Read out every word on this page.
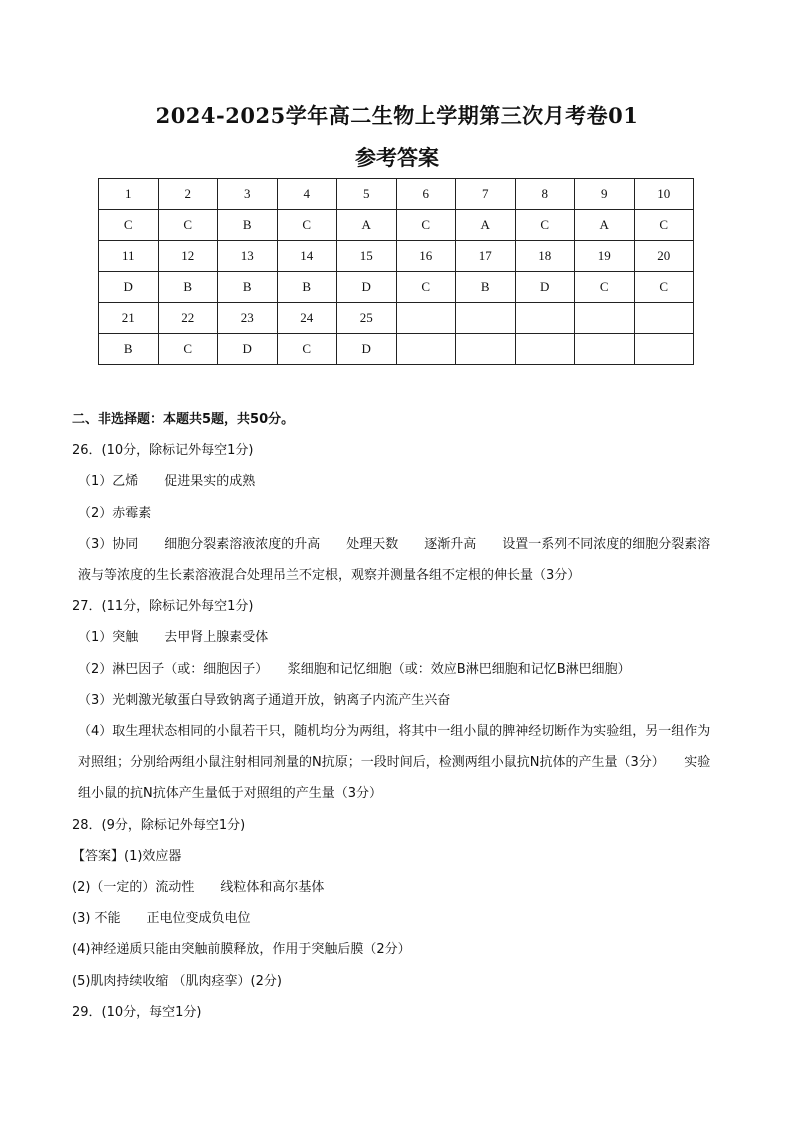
2024-2025学年高二生物上学期第三次月考卷01
参考答案
1	2	3	4	5	6	7	8	9	10
C	C	B	C	A	C	A	C	A	C
11	12	13	14	15	16	17	18	19	20
D	B	B	B	D	C	B	D	C	C
21	22	23	24	25					
B	C	D	C	D					
二、非选择题：本题共5题，共50分。
26．(10分，除标记外每空1分)
（1）乙烯　　促进果实的成熟
（2）赤霉素
（3）协同　　细胞分裂素溶液浓度的升高　　处理天数　　逐渐升高　　设置一系列不同浓度的细胞分裂素溶液与等浓度的生长素溶液混合处理吊兰不定根，观察并测量各组不定根的伸长量（3分）
27．(11分，除标记外每空1分)
（1）突触　　去甲肾上腺素受体
（2）淋巴因子（或：细胞因子）　　浆细胞和记忆细胞（或：效应B淋巴细胞和记忆B淋巴细胞）
（3）光刺激光敏蛋白导致钠离子通道开放，钠离子内流产生兴奋
（4）取生理状态相同的小鼠若干只，随机均分为两组，将其中一组小鼠的脾神经切断作为实验组，另一组作为对照组；分别给两组小鼠注射相同剂量的N抗原；一段时间后，检测两组小鼠抗N抗体的产生量（3分）　　实验组小鼠的抗N抗体产生量低于对照组的产生量（3分）
28．(9分，除标记外每空1分)
【答案】(1)效应器
(2)（一定的）流动性　　线粒体和高尔基体
(3) 不能　　正电位变成负电位
(4)神经递质只能由突触前膜释放，作用于突触后膜（2分）
(5)肌肉持续收缩 （肌肉痉挛）(2分)
29．(10分，每空1分)
